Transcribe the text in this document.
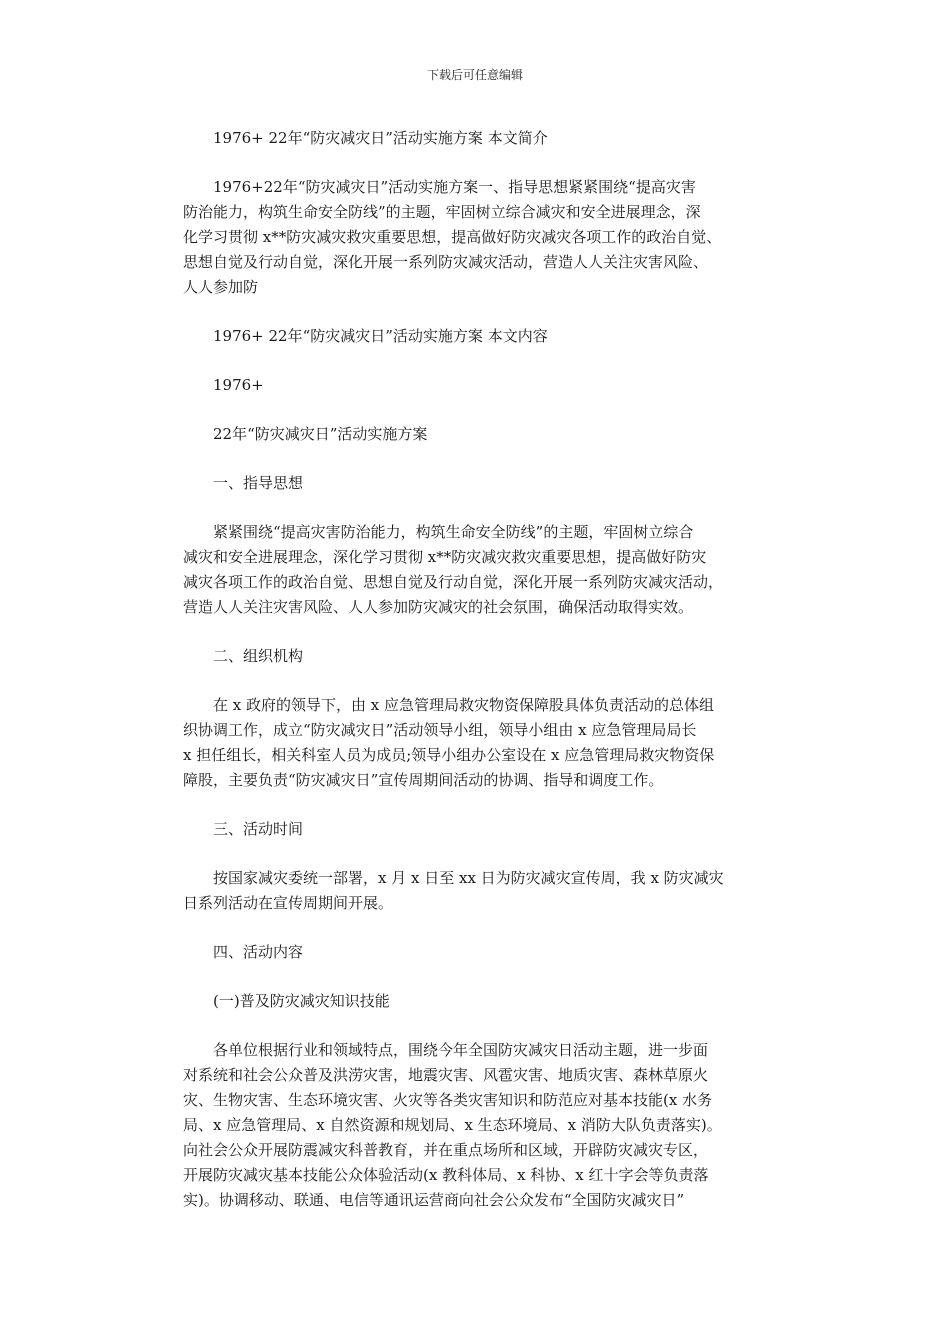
下载后可任意编辑
1976+ 22年“防灾减灾日”活动实施方案 本文简介
1976+22年“防灾减灾日”活动实施方案一、指导思想紧紧围绕“提高灾害
防治能力，构筑生命安全防线”的主题，牢固树立综合减灾和安全进展理念，深
化学习贯彻 x**防灾减灾救灾重要思想，提高做好防灾减灾各项工作的政治自觉、
思想自觉及行动自觉，深化开展一系列防灾减灾活动，营造人人关注灾害风险、
人人参加防
1976+ 22年“防灾减灾日”活动实施方案 本文内容
1976+
22年“防灾减灾日”活动实施方案
一、指导思想
紧紧围绕“提高灾害防治能力，构筑生命安全防线”的主题，牢固树立综合
减灾和安全进展理念，深化学习贯彻 x**防灾减灾救灾重要思想，提高做好防灾
减灾各项工作的政治自觉、思想自觉及行动自觉，深化开展一系列防灾减灾活动，
营造人人关注灾害风险、人人参加防灾减灾的社会氛围，确保活动取得实效。
二、组织机构
在 x 政府的领导下，由 x 应急管理局救灾物资保障股具体负责活动的总体组
织协调工作，成立“防灾减灾日”活动领导小组，领导小组由 x 应急管理局局长
x 担任组长，相关科室人员为成员;领导小组办公室设在 x 应急管理局救灾物资保
障股，主要负责“防灾减灾日”宣传周期间活动的协调、指导和调度工作。
三、活动时间
按国家减灾委统一部署，x 月 x 日至 xx 日为防灾减灾宣传周，我 x 防灾减灾
日系列活动在宣传周期间开展。
四、活动内容
(一)普及防灾减灾知识技能
各单位根据行业和领域特点，围绕今年全国防灾减灾日活动主题，进一步面
对系统和社会公众普及洪涝灾害，地震灾害、风雹灾害、地质灾害、森林草原火
灾、生物灾害、生态环境灾害、火灾等各类灾害知识和防范应对基本技能(x 水务
局、x 应急管理局、x 自然资源和规划局、x 生态环境局、x 消防大队负责落实)。
向社会公众开展防震减灾科普教育，并在重点场所和区域，开辟防灾减灾专区，
开展防灾减灾基本技能公众体验活动(x 教科体局、x 科协、x 红十字会等负责落
实)。协调移动、联通、电信等通讯运营商向社会公众发布“全国防灾减灾日”
